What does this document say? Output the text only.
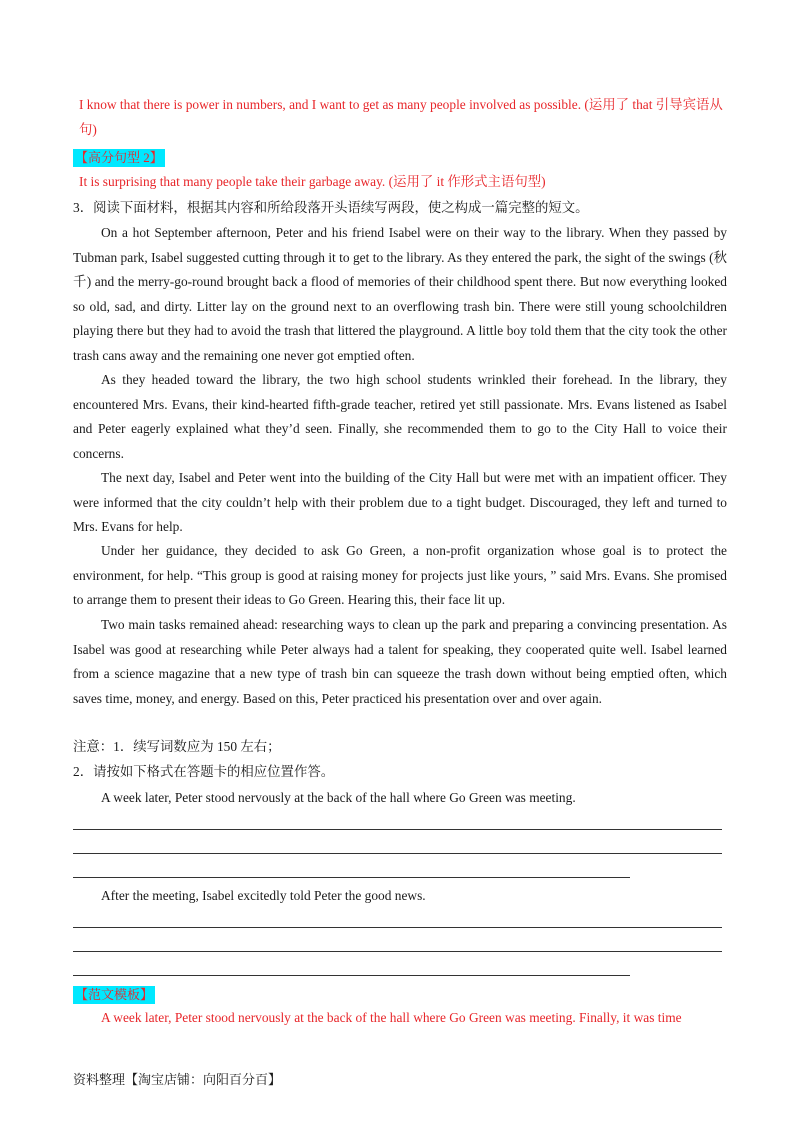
I know that there is power in numbers, and I want to get as many people involved as possible. (运用了 that 引导宾语从句)
【高分句型 2】
It is surprising that many people take their garbage away. (运用了 it 作形式主语句型)
3．阅读下面材料，根据其内容和所给段落开头语续写两段，使之构成一篇完整的短文。
On a hot September afternoon, Peter and his friend Isabel were on their way to the library. When they passed by Tubman park, Isabel suggested cutting through it to get to the library. As they entered the park, the sight of the swings (秋千) and the merry-go-round brought back a flood of memories of their childhood spent there. But now everything looked so old, sad, and dirty. Litter lay on the ground next to an overflowing trash bin. There were still young schoolchildren playing there but they had to avoid the trash that littered the playground. A little boy told them that the city took the other trash cans away and the remaining one never got emptied often.
As they headed toward the library, the two high school students wrinkled their forehead. In the library, they encountered Mrs. Evans, their kind-hearted fifth-grade teacher, retired yet still passionate. Mrs. Evans listened as Isabel and Peter eagerly explained what they’d seen. Finally, she recommended them to go to the City Hall to voice their concerns.
The next day, Isabel and Peter went into the building of the City Hall but were met with an impatient officer. They were informed that the city couldn’t help with their problem due to a tight budget. Discouraged, they left and turned to Mrs. Evans for help.
Under her guidance, they decided to ask Go Green, a non-profit organization whose goal is to protect the environment, for help. “This group is good at raising money for projects just like yours, ” said Mrs. Evans. She promised to arrange them to present their ideas to Go Green. Hearing this, their face lit up.
Two main tasks remained ahead: researching ways to clean up the park and preparing a convincing presentation. As Isabel was good at researching while Peter always had a talent for speaking, they cooperated quite well. Isabel learned from a science magazine that a new type of trash bin can squeeze the trash down without being emptied often, which saves time, money, and energy. Based on this, Peter practiced his presentation over and over again.
注意：1．续写词数应为 150 左右；
2．请按如下格式在答题卡的相应位置作答。
A week later, Peter stood nervously at the back of the hall where Go Green was meeting.
After the meeting, Isabel excitedly told Peter the good news.
【范文模板】
A week later, Peter stood nervously at the back of the hall where Go Green was meeting. Finally, it was time
资料整理【淘宝店铺：向阳百分百】
